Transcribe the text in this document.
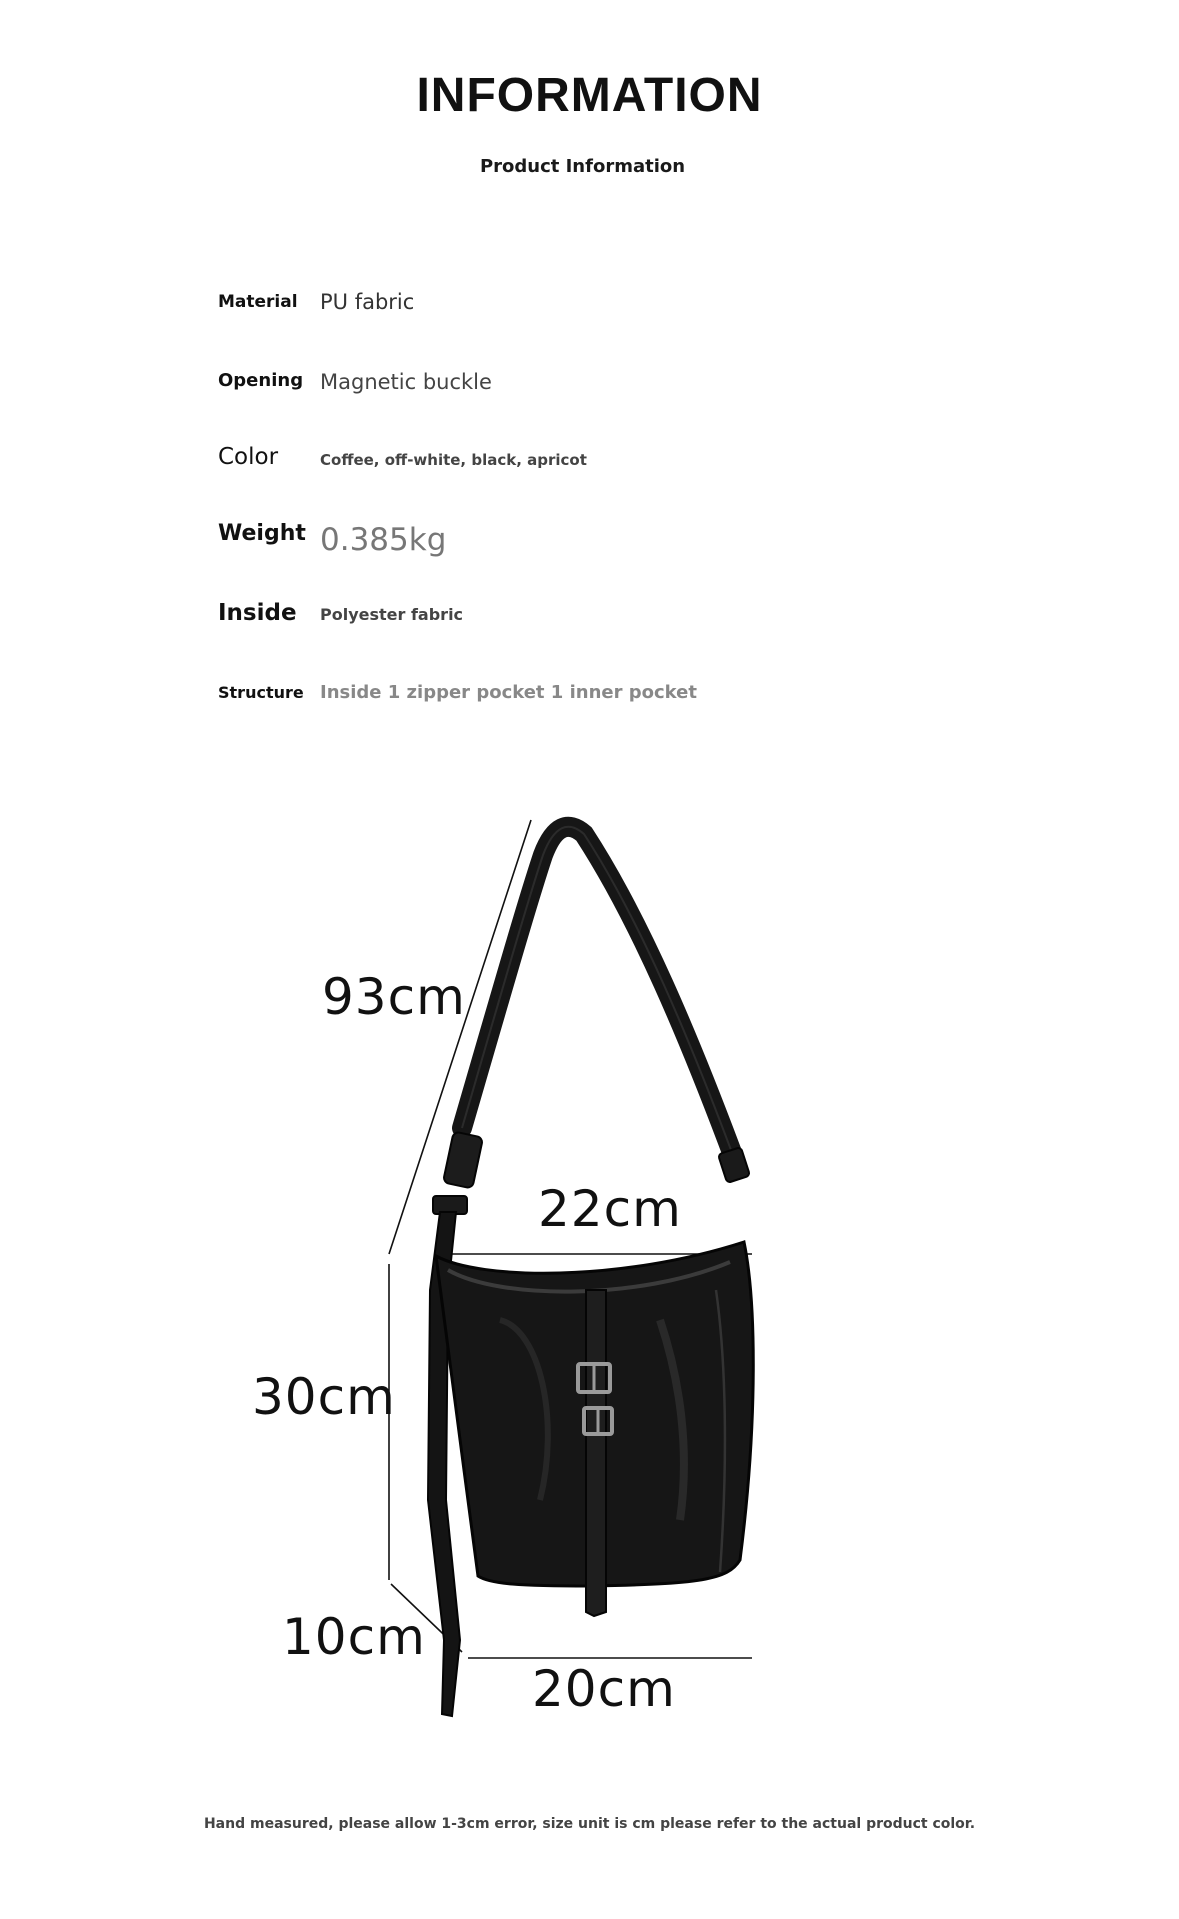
INFORMATION
Product Information
Material PU fabric
Opening Magnetic buckle
Color	Coffee, off-white, black, apricot
Weight 0.385kg
Inside Polyester fabric
Structure Inside 1 zipper pocket 1 inner pocket
93cm
22cm
30cm
10cm
20cm
Hand measured, please allow 1-3cm error, size unit is cm please refer to the actual product color.
